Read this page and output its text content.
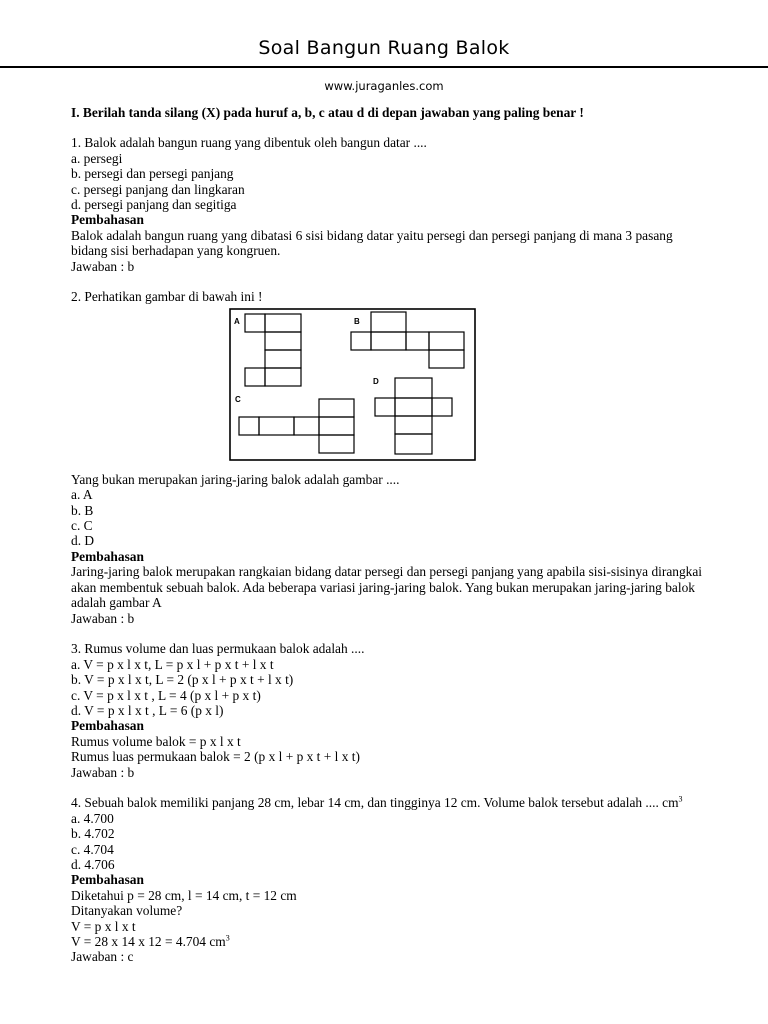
Soal Bangun Ruang Balok
www.juraganles.com

I. Berilah tanda silang (X) pada huruf a, b, c atau d di depan jawaban yang paling benar !

1. Balok adalah bangun ruang yang dibentuk oleh bangun datar ....

a. persegi

b. persegi dan persegi panjang

c. persegi panjang dan lingkaran

d. persegi panjang dan segitiga

Pembahasan

Balok adalah bangun ruang yang dibatasi 6 sisi bidang datar yaitu persegi dan persegi panjang di mana 3 pasang bidang sisi berhadapan yang kongruen.

Jawaban : b

2. Perhatikan gambar di bawah ini !

A	B
C
D

Yang bukan merupakan jaring-jaring balok adalah gambar ....

a. A

b. B

c. C

d. D

Pembahasan

Jaring-jaring balok merupakan rangkaian bidang datar persegi dan persegi panjang yang apabila sisi-sisinya dirangkai akan membentuk sebuah balok. Ada beberapa variasi jaring-jaring balok. Yang bukan merupakan jaring-jaring balok adalah gambar A

Jawaban : b

3. Rumus volume dan luas permukaan balok adalah ....

a. V = p x l x t, L = p x l + p x t + l x t

b. V = p x l x t, L = 2 (p x l + p x t + l x t)

c. V = p x l x t , L = 4 (p x l + p x t)

d. V = p x l x t , L = 6 (p x l)

Pembahasan

Rumus volume balok = p x l x t

Rumus luas permukaan balok = 2 (p x l + p x t + l x t)

Jawaban : b

4. Sebuah balok memiliki panjang 28 cm, lebar 14 cm, dan tingginya 12 cm. Volume balok tersebut adalah .... $cm^3$

a. 4.700

b. 4.702

c. 4.704

d. 4.706

Pembahasan

Diketahui p = 28 cm, l = 14 cm, t = 12 cm

Ditanyakan volume?

V = p x l x t

V = 28 x 14 x 12 = 4.704 $cm^3$

Jawaban : c
